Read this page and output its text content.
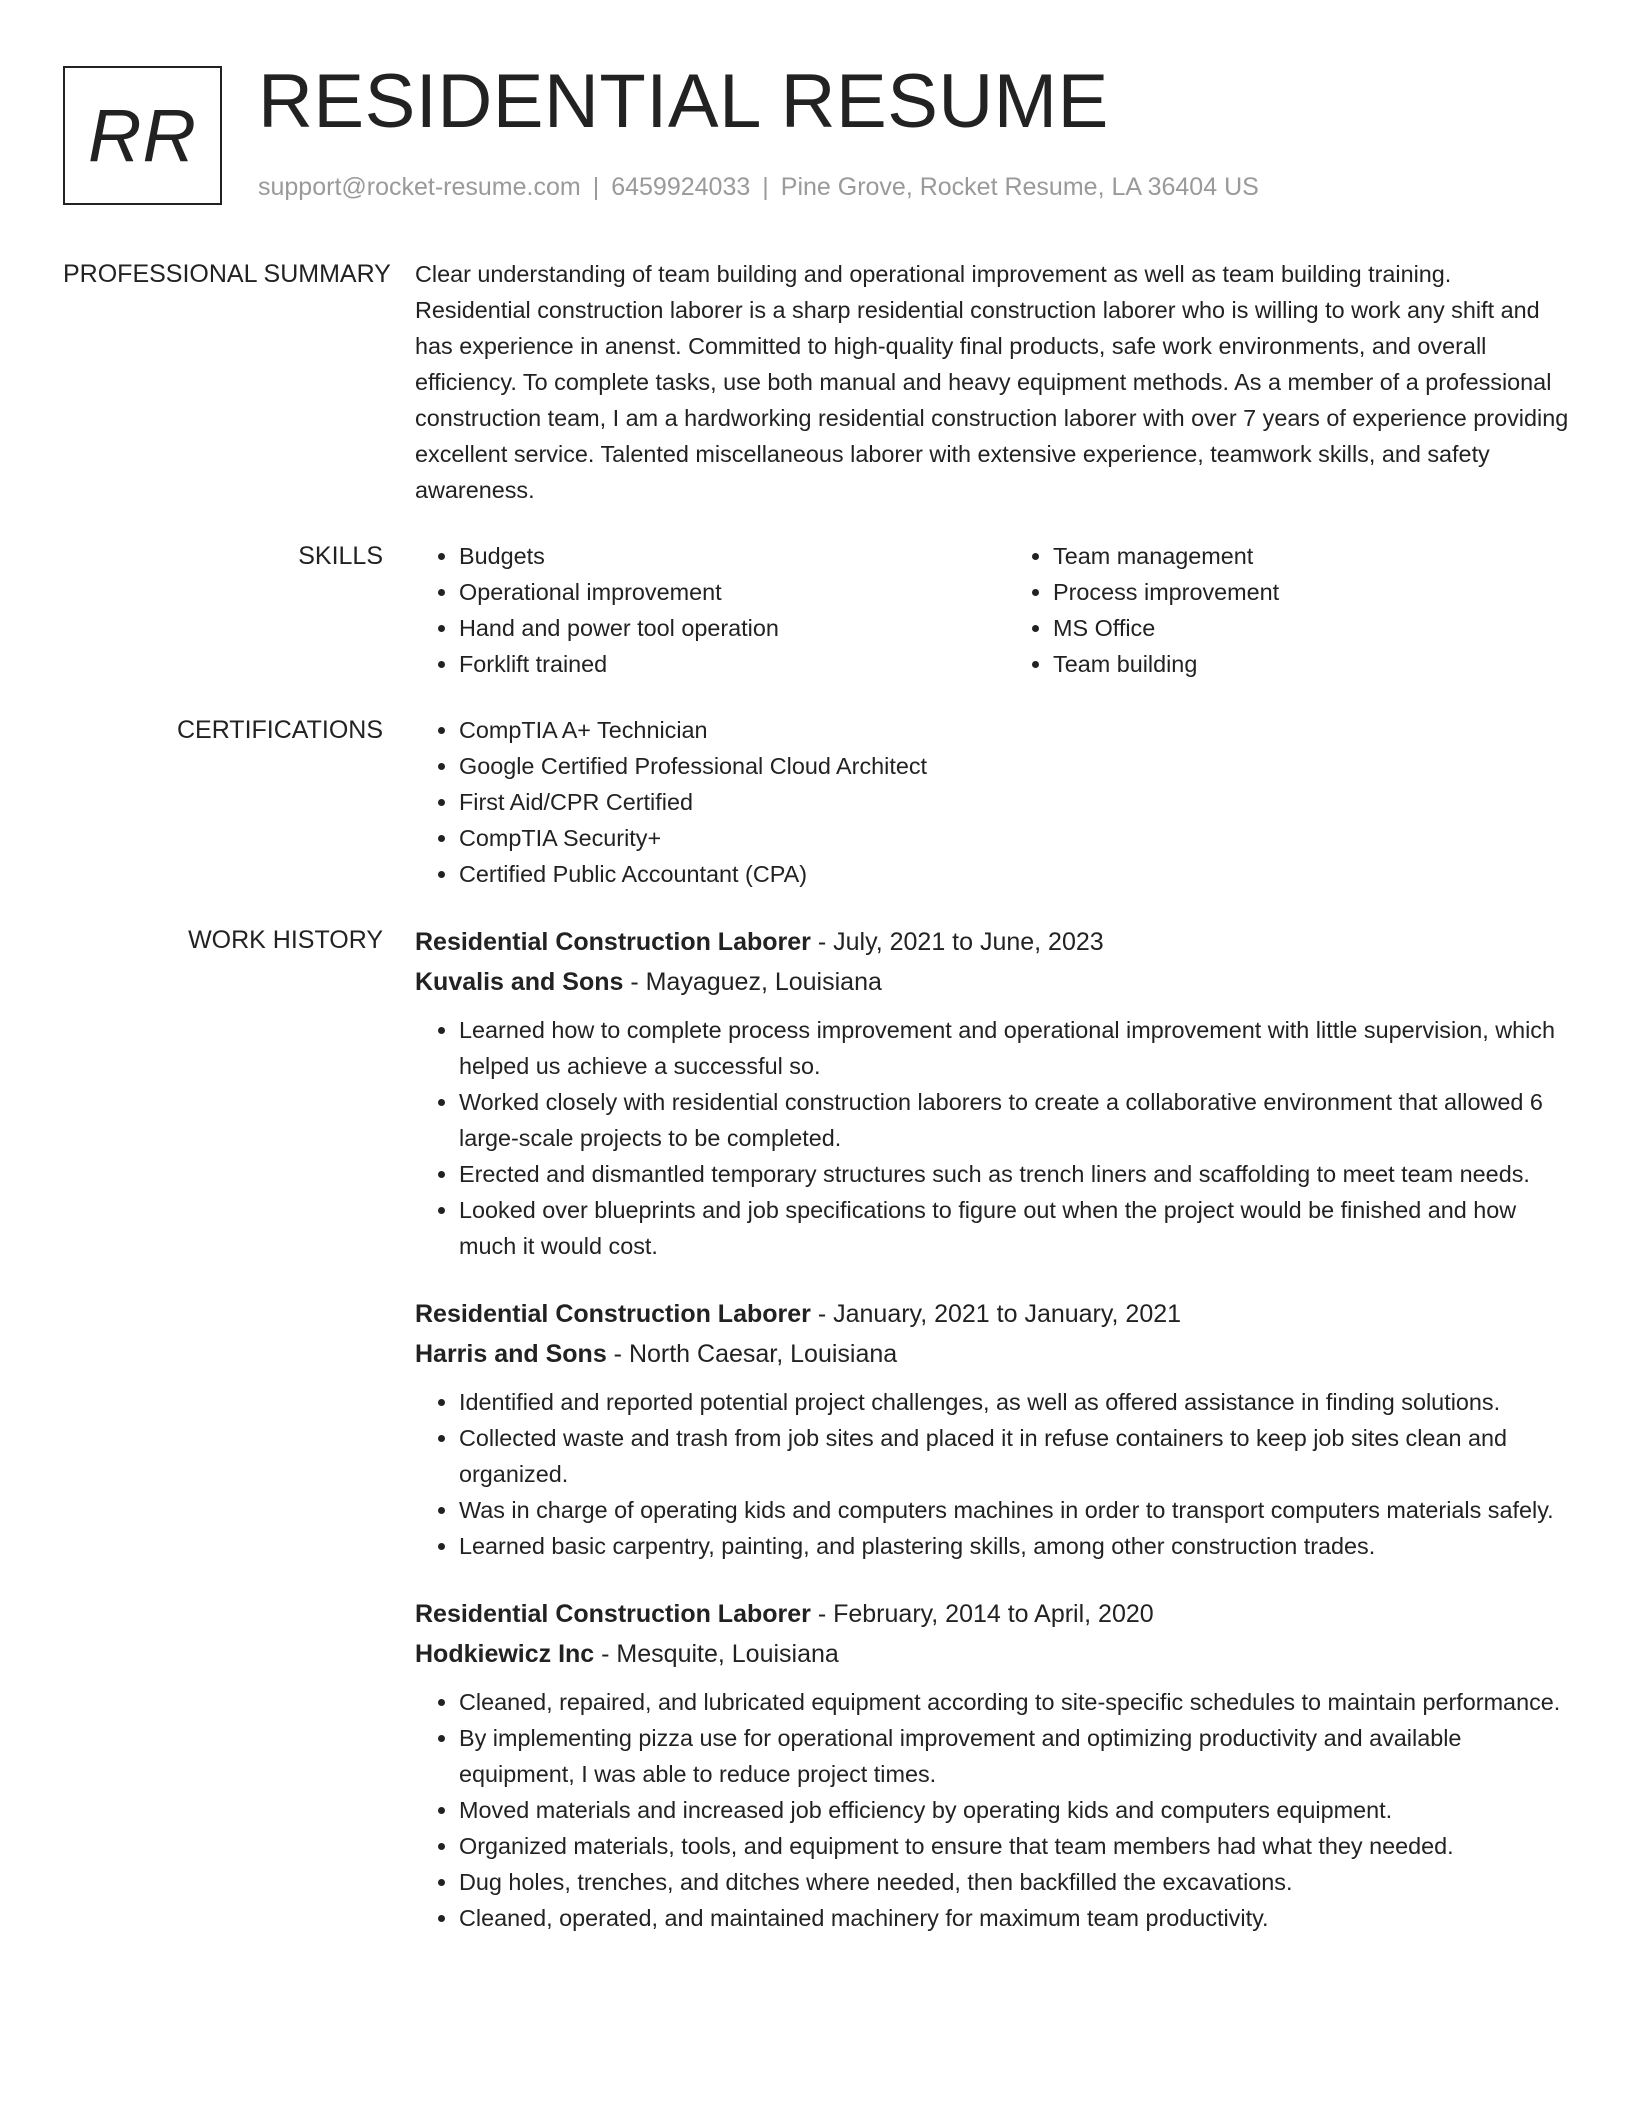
RR RESIDENTIAL RESUME
support@rocket-resume.com | 6459924033 | Pine Grove, Rocket Resume, LA 36404 US
PROFESSIONAL SUMMARY	Clear understanding of team building and operational improvement as well as team building training. Residential construction laborer is a sharp residential construction laborer who is willing to work any shift and has experience in anenst. Committed to high-quality final products, safe work environments, and overall efficiency. To complete tasks, use both manual and heavy equipment methods. As a member of a professional construction team, I am a hardworking residential construction laborer with over 7 years of experience providing excellent service. Talented miscellaneous laborer with extensive experience, teamwork skills, and safety awareness.

SKILLS	• Budgets
• Operational improvement
• Hand and power tool operation
• Forklift trained
• Team management
• Process improvement
• MS Office
• Team building
CERTIFICATIONS	• CompTIA A+ Technician
• Google Certified Professional Cloud Architect
• First Aid/CPR Certified
• CompTIA Security+
• Certified Public Accountant (CPA)
WORK HISTORY	Residential Construction Laborer - July, 2021 to June, 2023
Kuvalis and Sons - Mayaguez, Louisiana
• Learned how to complete process improvement and operational improvement with little supervision, which helped us achieve a successful so.
• Worked closely with residential construction laborers to create a collaborative environment that allowed 6 large-scale projects to be completed.
• Erected and dismantled temporary structures such as trench liners and scaffolding to meet team needs.
• Looked over blueprints and job specifications to figure out when the project would be finished and how much it would cost.
Residential Construction Laborer - January, 2021 to January, 2021
Harris and Sons - North Caesar, Louisiana
• Identified and reported potential project challenges, as well as offered assistance in finding solutions.
• Collected waste and trash from job sites and placed it in refuse containers to keep job sites clean and organized.
• Was in charge of operating kids and computers machines in order to transport computers materials safely.
• Learned basic carpentry, painting, and plastering skills, among other construction trades.
Residential Construction Laborer - February, 2014 to April, 2020
Hodkiewicz Inc - Mesquite, Louisiana
• Cleaned, repaired, and lubricated equipment according to site-specific schedules to maintain performance.
• By implementing pizza use for operational improvement and optimizing productivity and available equipment, I was able to reduce project times.
• Moved materials and increased job efficiency by operating kids and computers equipment.
• Organized materials, tools, and equipment to ensure that team members had what they needed.
• Dug holes, trenches, and ditches where needed, then backfilled the excavations.
• Cleaned, operated, and maintained machinery for maximum team productivity.
